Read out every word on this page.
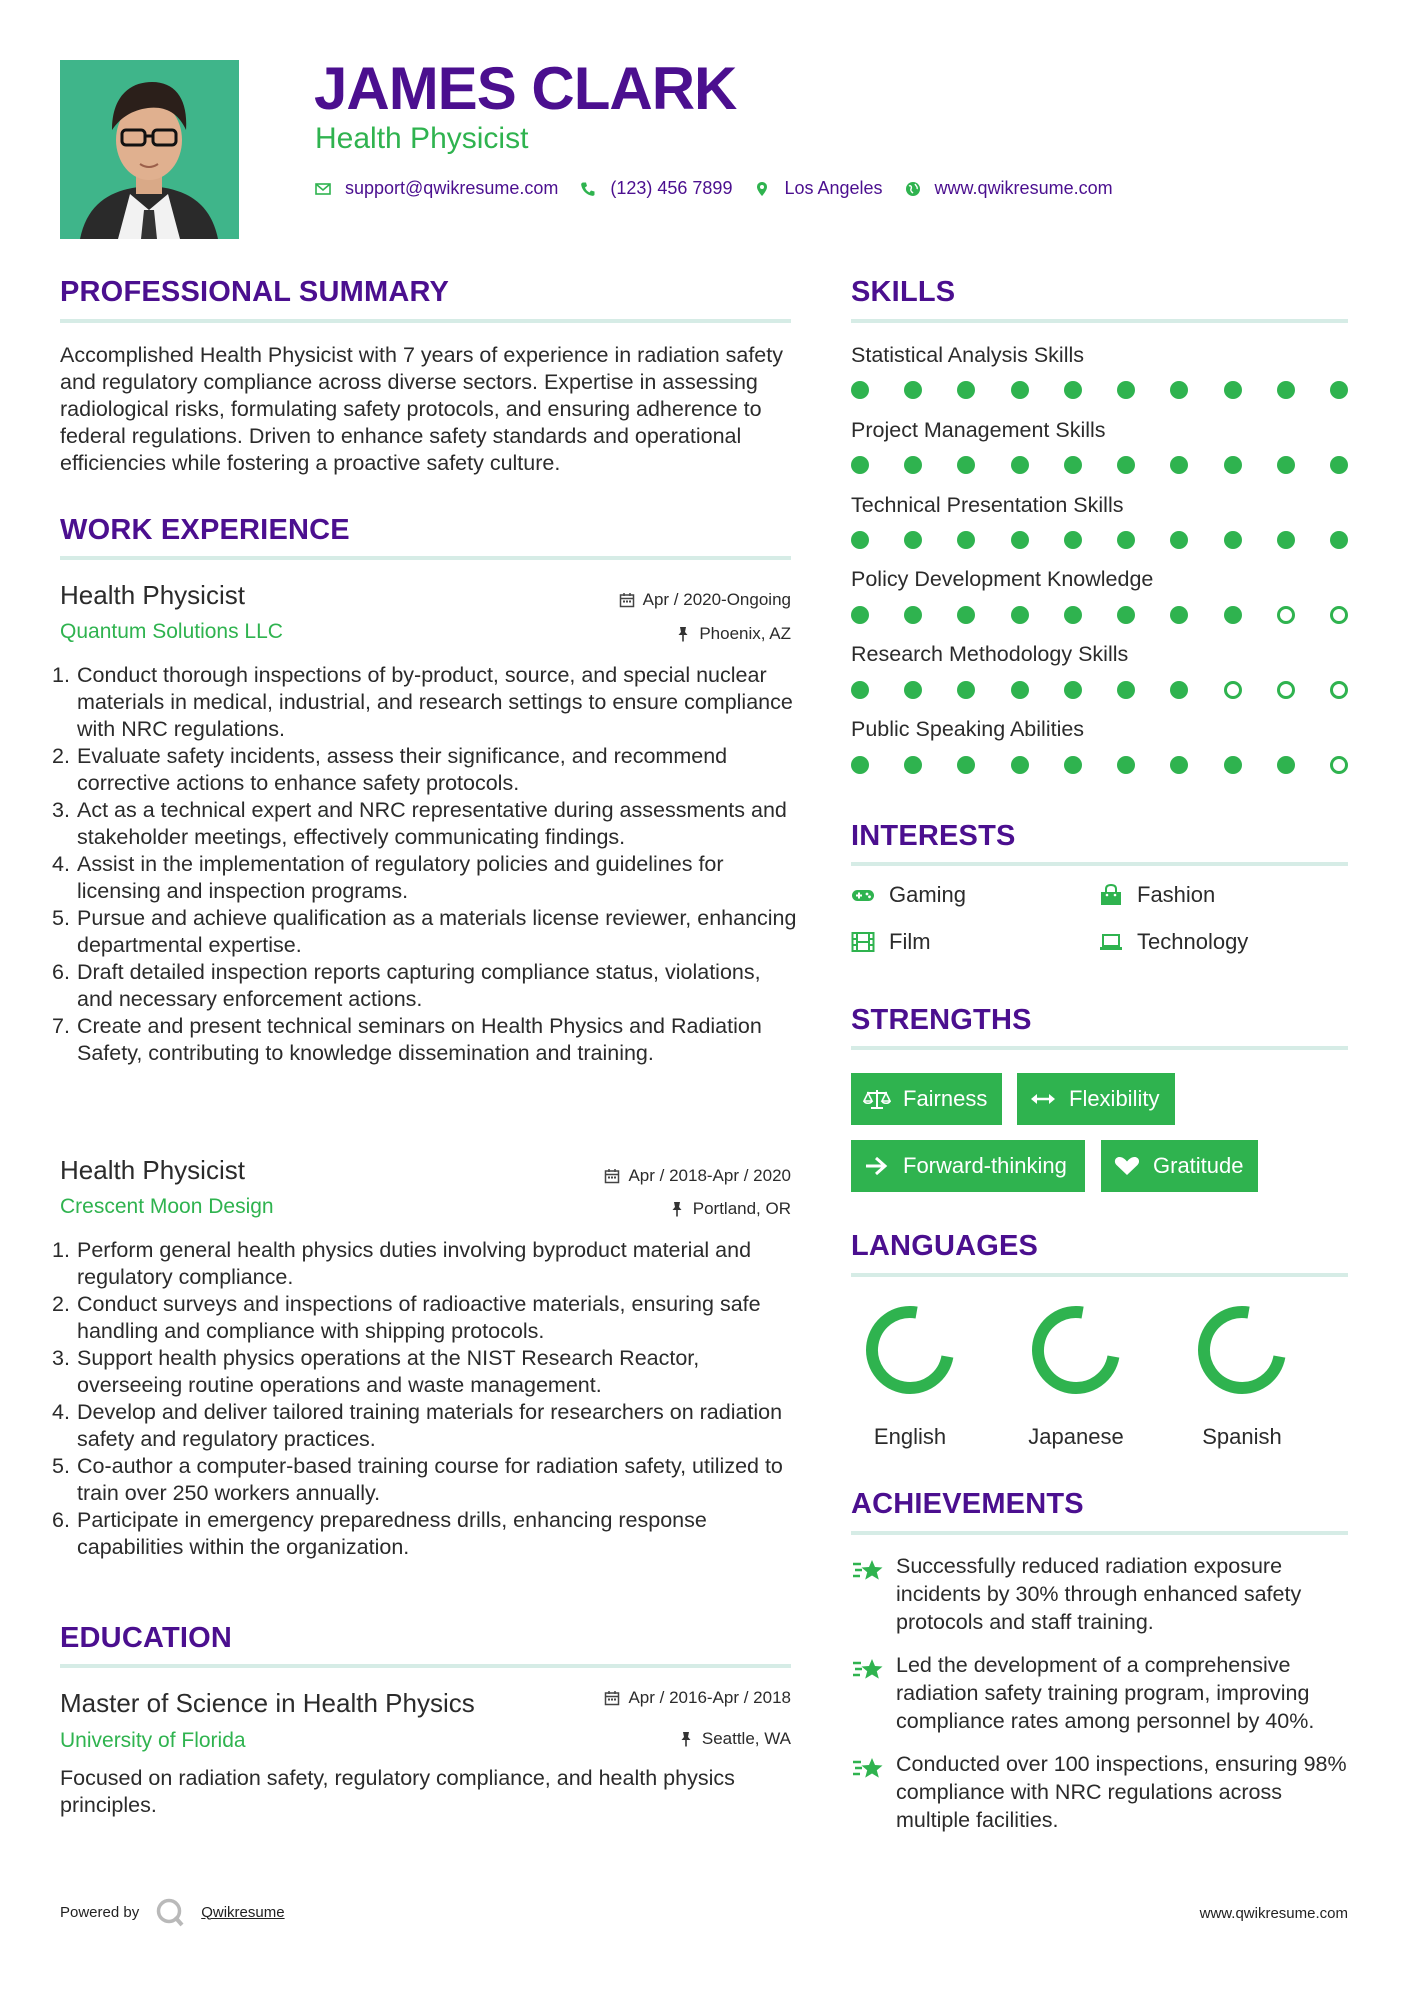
JAMES CLARK
Health Physicist
support@qwikresume.com	(123) 456 7899	Los Angeles	www.qwikresume.com
PROFESSIONAL SUMMARY
Accomplished Health Physicist with 7 years of experience in radiation safety and regulatory compliance across diverse sectors. Expertise in assessing radiological risks, formulating safety protocols, and ensuring adherence to federal regulations. Driven to enhance safety standards and operational efficiencies while fostering a proactive safety culture.
WORK EXPERIENCE
Health Physicist
Quantum Solutions LLC
Apr / 2020-Ongoing
Phoenix, AZ
1. Conduct thorough inspections of by-product, source, and special nuclear materials in medical, industrial, and research settings to ensure compliance with NRC regulations.
2. Evaluate safety incidents, assess their significance, and recommend corrective actions to enhance safety protocols.
3. Act as a technical expert and NRC representative during assessments and stakeholder meetings, effectively communicating findings.
4. Assist in the implementation of regulatory policies and guidelines for licensing and inspection programs.
5. Pursue and achieve qualification as a materials license reviewer, enhancing departmental expertise.
6. Draft detailed inspection reports capturing compliance status, violations, and necessary enforcement actions.
7. Create and present technical seminars on Health Physics and Radiation Safety, contributing to knowledge dissemination and training.
Health Physicist
Crescent Moon Design
Apr / 2018-Apr / 2020
Portland, OR
1. Perform general health physics duties involving byproduct material and regulatory compliance.
2. Conduct surveys and inspections of radioactive materials, ensuring safe handling and compliance with shipping protocols.
3. Support health physics operations at the NIST Research Reactor, overseeing routine operations and waste management.
4. Develop and deliver tailored training materials for researchers on radiation safety and regulatory practices.
5. Co-author a computer-based training course for radiation safety, utilized to train over 250 workers annually.
6. Participate in emergency preparedness drills, enhancing response capabilities within the organization.
EDUCATION
Master of Science in Health Physics
University of Florida
Apr / 2016-Apr / 2018
Seattle, WA
Focused on radiation safety, regulatory compliance, and health physics principles.
SKILLS
Statistical Analysis Skills
Project Management Skills
Technical Presentation Skills
Policy Development Knowledge
Research Methodology Skills
Public Speaking Abilities
INTERESTS
Gaming	Fashion
Film	Technology
STRENGTHS
Fairness	Flexibility
Forward-thinking	Gratitude
LANGUAGES
English	Japanese	Spanish
ACHIEVEMENTS
Successfully reduced radiation exposure incidents by 30% through enhanced safety protocols and staff training.
Led the development of a comprehensive radiation safety training program, improving compliance rates among personnel by 40%.
Conducted over 100 inspections, ensuring 98% compliance with NRC regulations across multiple facilities.
Powered by	Qwikresume	www.qwikresume.com
